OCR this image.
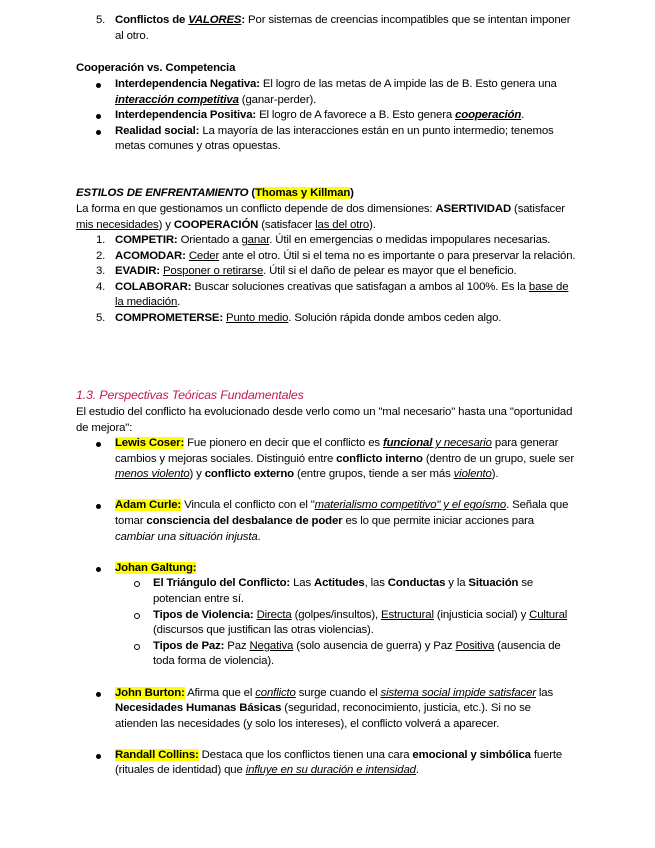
5. Conflictos de VALORES: Por sistemas de creencias incompatibles que se intentan imponer al otro.

Cooperación vs. Competencia

Interdependencia Negativa: El logro de las metas de A impide las de B. Esto genera una interacción competitiva (ganar-perder).
Interdependencia Positiva: El logro de A favorece a B. Esto genera cooperación.
Realidad social: La mayoría de las interacciones están en un punto intermedio; tenemos metas comunes y otras opuestas.

ESTILOS DE ENFRENTAMIENTO (Thomas y Killman)

La forma en que gestionamos un conflicto depende de dos dimensiones: ASERTIVIDAD (satisfacer mis necesidades) y COOPERACIÓN (satisfacer las del otro).

1. COMPETIR: Orientado a ganar. Útil en emergencias o medidas impopulares necesarias.
2. ACOMODAR: Ceder ante el otro. Útil si el tema no es importante o para preservar la relación.
3. EVADIR: Posponer o retirarse. Útil si el daño de pelear es mayor que el beneficio.
4. COLABORAR: Buscar soluciones creativas que satisfagan a ambos al 100%. Es la base de la mediación.
5. COMPROMETERSE: Punto medio. Solución rápida donde ambos ceden algo.

1.3. Perspectivas Teóricas Fundamentales

El estudio del conflicto ha evolucionado desde verlo como un "mal necesario" hasta una "oportunidad de mejora":

Lewis Coser: Fue pionero en decir que el conflicto es funcional y necesario para generar cambios y mejoras sociales. Distinguió entre conflicto interno (dentro de un grupo, suele ser menos violento) y conflicto externo (entre grupos, tiende a ser más violento).
Adam Curle: Vincula el conflicto con el "materialismo competitivo" y el egoísmo. Señala que tomar consciencia del desbalance de poder es lo que permite iniciar acciones para cambiar una situación injusta.
Johan Galtung:
El Triángulo del Conflicto: Las Actitudes, las Conductas y la Situación se potencian entre sí.
Tipos de Violencia: Directa (golpes/insultos), Estructural (injusticia social) y Cultural (discursos que justifican las otras violencias).
Tipos de Paz: Paz Negativa (solo ausencia de guerra) y Paz Positiva (ausencia de toda forma de violencia).
John Burton: Afirma que el conflicto surge cuando el sistema social impide satisfacer las Necesidades Humanas Básicas (seguridad, reconocimiento, justicia, etc.). Si no se atienden las necesidades (y solo los intereses), el conflicto volverá a aparecer.
Randall Collins: Destaca que los conflictos tienen una cara emocional y simbólica fuerte (rituales de identidad) que influye en su duración e intensidad.
